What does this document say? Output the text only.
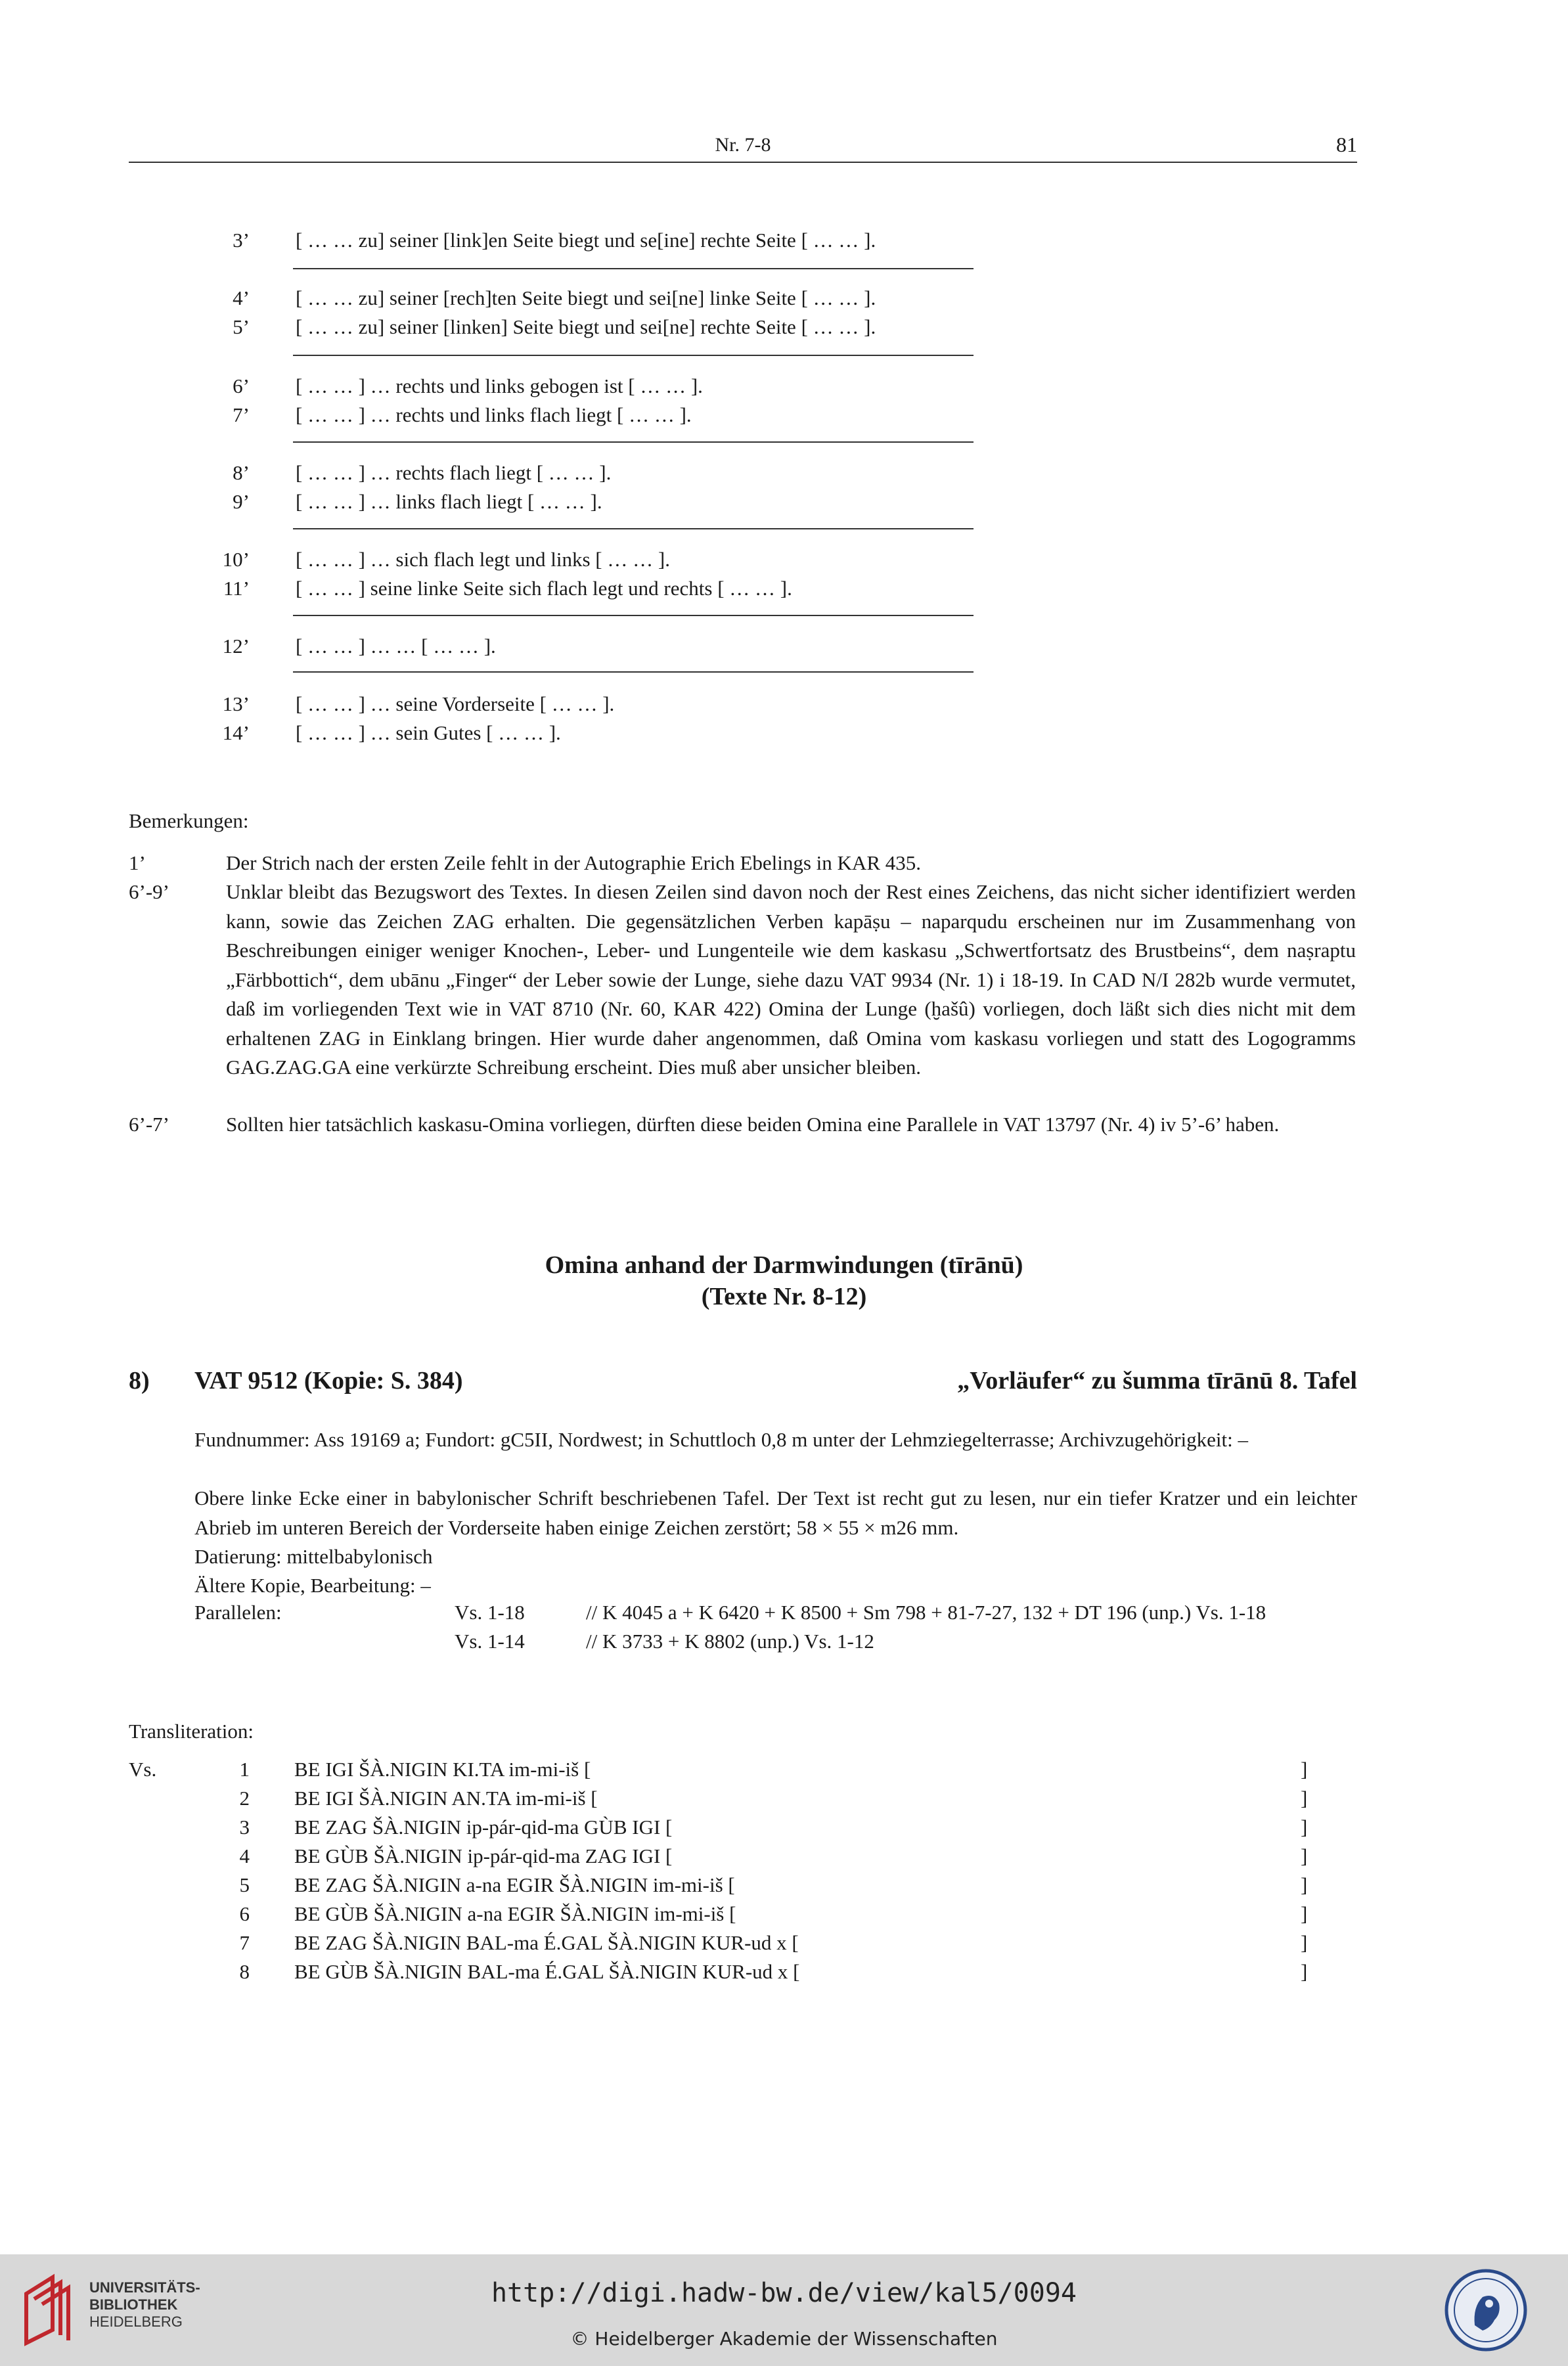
Nr. 7-8	81
3’ [ … … zu] seiner [link]en Seite biegt und se[ine] rechte Seite [ … … ].
4’ [ … … zu] seiner [rech]ten Seite biegt und sei[ne] linke Seite [ … … ].
5’ [ … … zu] seiner [linken] Seite biegt und sei[ne] rechte Seite [ … … ].
6’ [ … … ] … rechts und links gebogen ist [ … … ].
7’ [ … … ] … rechts und links flach liegt [ … … ].
8’ [ … … ] … rechts flach liegt [ … … ].
9’ [ … … ] … links flach liegt [ … … ].
10’ [ … … ] … sich flach legt und links [ … … ].
11’ [ … … ] seine linke Seite sich flach legt und rechts [ … … ].
12’ [ … … ] … … [ … … ].
13’ [ … … ] … seine Vorderseite [ … … ].
14’ [ … … ] … sein Gutes [ … … ].
Bemerkungen:
1’	Der Strich nach der ersten Zeile fehlt in der Autographie Erich Ebelings in KAR 435.
6’-9’	Unklar bleibt das Bezugswort des Textes. In diesen Zeilen sind davon noch der Rest eines Zeichens, das nicht sicher identifiziert werden kann, sowie das Zeichen ZAG erhalten. Die gegensätzlichen Verben kapāṣu – naparqudu erscheinen nur im Zusammenhang von Beschreibungen einiger weniger Knochen-, Leber- und Lungenteile wie dem kaskasu „Schwertfortsatz des Brustbeins“, dem naṣraptu „Färbbottich“, dem ubānu „Finger“ der Leber sowie der Lunge, siehe dazu VAT 9934 (Nr. 1) i 18-19. In CAD N/I 282b wurde vermutet, daß im vorliegenden Text wie in VAT 8710 (Nr. 60, KAR 422) Omina der Lunge (ḫašû) vorliegen, doch läßt sich dies nicht mit dem erhaltenen ZAG in Einklang bringen. Hier wurde daher angenommen, daß Omina vom kaskasu vorliegen und statt des Logogramms GAG.ZAG.GA eine verkürzte Schreibung erscheint. Dies muß aber unsicher bleiben.
6’-7’	Sollten hier tatsächlich kaskasu-Omina vorliegen, dürften diese beiden Omina eine Parallele in VAT 13797 (Nr. 4) iv 5’-6’ haben.
Omina anhand der Darmwindungen (tīrānū)
(Texte Nr. 8-12)
8) VAT 9512 (Kopie: S. 384)	„Vorläufer“ zu šumma tīrānū 8. Tafel
Fundnummer: Ass 19169 a; Fundort: gC5II, Nordwest; in Schuttloch 0,8 m unter der Lehmziegelterrasse; Archivzugehörigkeit: –
Obere linke Ecke einer in babylonischer Schrift beschriebenen Tafel. Der Text ist recht gut zu lesen, nur ein tiefer Kratzer und ein leichter Abrieb im unteren Bereich der Vorderseite haben einige Zeichen zerstört; 58 × 55 × m26 mm.
Datierung: mittelbabylonisch
Ältere Kopie, Bearbeitung: –
Parallelen:	Vs. 1-18	// K 4045 a + K 6420 + K 8500 + Sm 798 + 81-7-27, 132 + DT 196 (unp.) Vs. 1-18
Vs. 1-14	// K 3733 + K 8802 (unp.) Vs. 1-12
Transliteration:
Vs.	1 BE IGI ŠÀ.NIGIN KI.TA im-mi-iš [	]
2 BE IGI ŠÀ.NIGIN AN.TA im-mi-iš [	]
3 BE ZAG ŠÀ.NIGIN ip-pár-qid-ma GÙB IGI [	]
4 BE GÙB ŠÀ.NIGIN ip-pár-qid-ma ZAG IGI [	]
5 BE ZAG ŠÀ.NIGIN a-na EGIR ŠÀ.NIGIN im-mi-iš [	]
6 BE GÙB ŠÀ.NIGIN a-na EGIR ŠÀ.NIGIN im-mi-iš [	]
7 BE ZAG ŠÀ.NIGIN BAL-ma É.GAL ŠÀ.NIGIN KUR-ud x [	]
8 BE GÙB ŠÀ.NIGIN BAL-ma É.GAL ŠÀ.NIGIN KUR-ud x [	]
UNIVERSITÄTS-
BIBLIOTHEK
HEIDELBERG
http://digi.hadw-bw.de/view/kal5/0094
© Heidelberger Akademie der Wissenschaften
